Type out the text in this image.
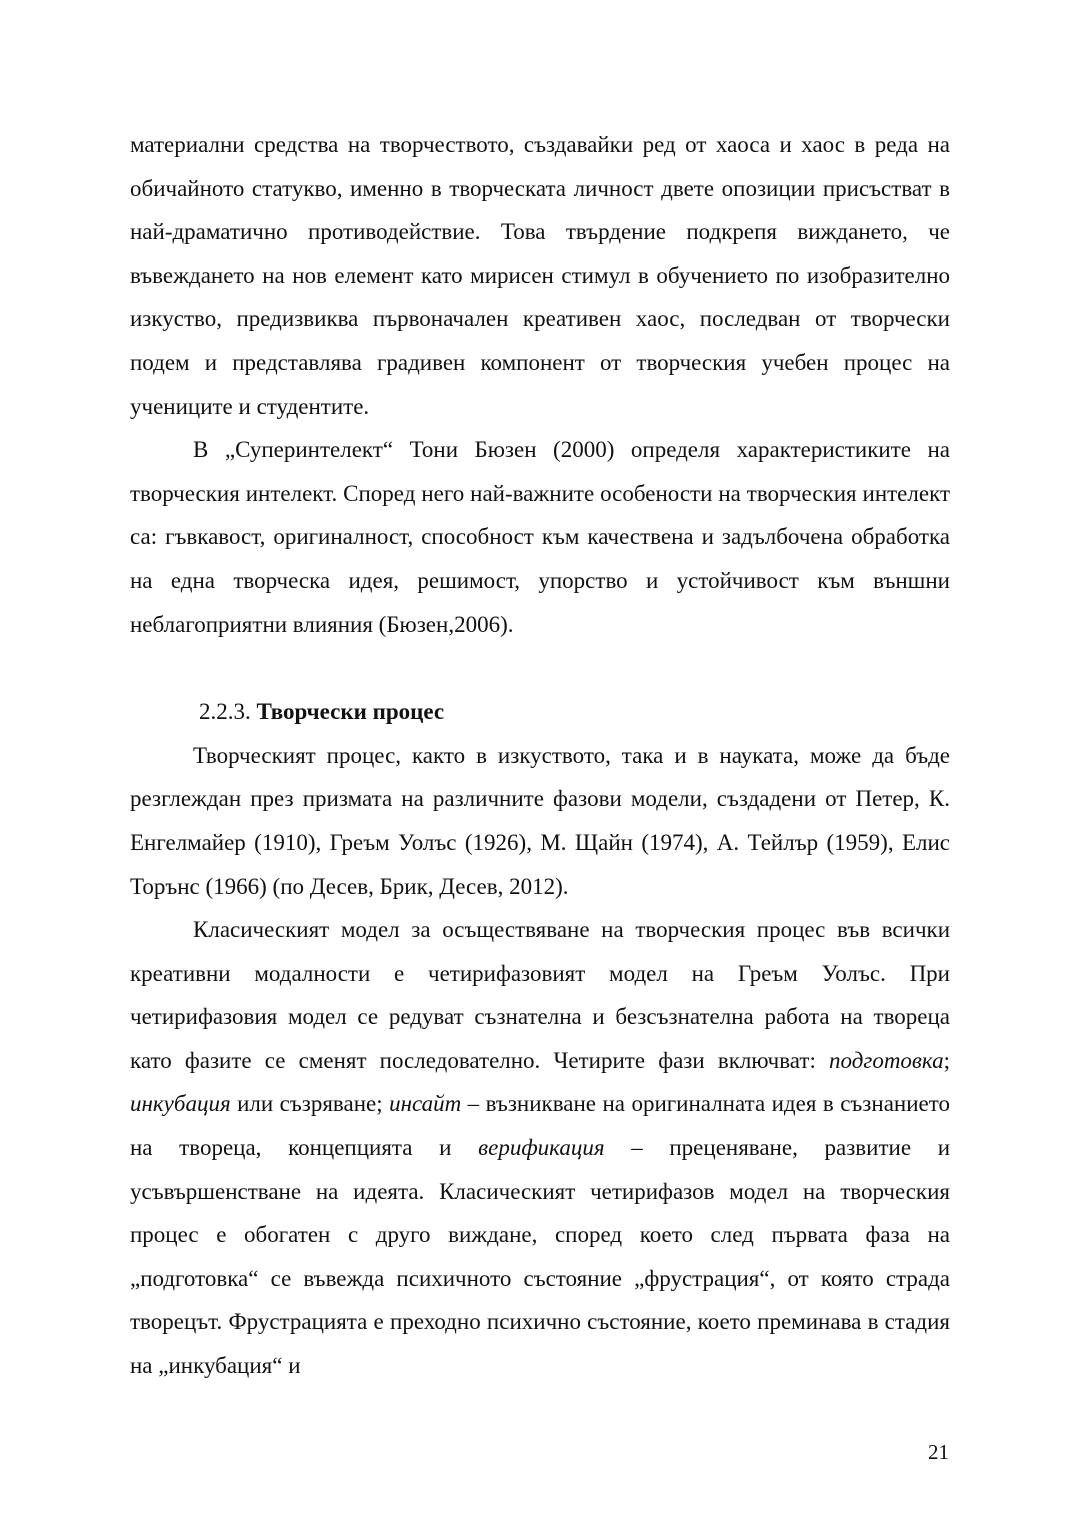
материални средства на творчеството, създавайки ред от хаоса и хаос в реда на обичайното статукво, именно в творческата личност двете опозиции присъстват в най-драматично противодействие. Това твърдение подкрепя виждането, че въвеждането на нов елемент като мирисен стимул в обучението по изобразително изкуство, предизвиква първоначален креативен хаос, последван от творчески подем и представлява градивен компонент от творческия учебен процес на учениците и студентите.

В „Суперинтелект“ Тони Бюзен (2000) определя характеристиките на творческия интелект. Според него най-важните особености на творческия интелект са: гъвкавост, оригиналност, способност към качествена и задълбочена обработка на една творческа идея, решимост, упорство и устойчивост към външни неблагоприятни влияния (Бюзен,2006).

2.2.3. Творчески процес

Творческият процес, както в изкуството, така и в науката, може да бъде резглеждан през призмата на различните фазови модели, създадени от Петер, К. Енгелмайер (1910), Греъм Уолъс (1926), М. Щайн (1974), А. Тейлър (1959), Елис Торънс (1966) (по Десев, Брик, Десев, 2012).

Класическият модел за осъществяване на творческия процес във всички креативни модалности е четирифазовият модел на Греъм Уолъс. При четирифазовия модел се редуват съзнателна и безсъзнателна работа на твореца като фазите се сменят последователно. Четирите фази включват: подготовка; инкубация или съзряване; инсайт – възникване на оригиналната идея в съзнанието на твореца, концепцията и верификация – преценяване, развитие и усъвършенстване на идеята. Класическият четирифазов модел на творческия процес е обогатен с друго виждане, според което след първата фаза на „подготовка“ се въвежда психичното състояние „фрустрация“, от която страда творецът. Фрустрацията е преходно психично състояние, което преминава в стадия на „инкубация“ и

21
